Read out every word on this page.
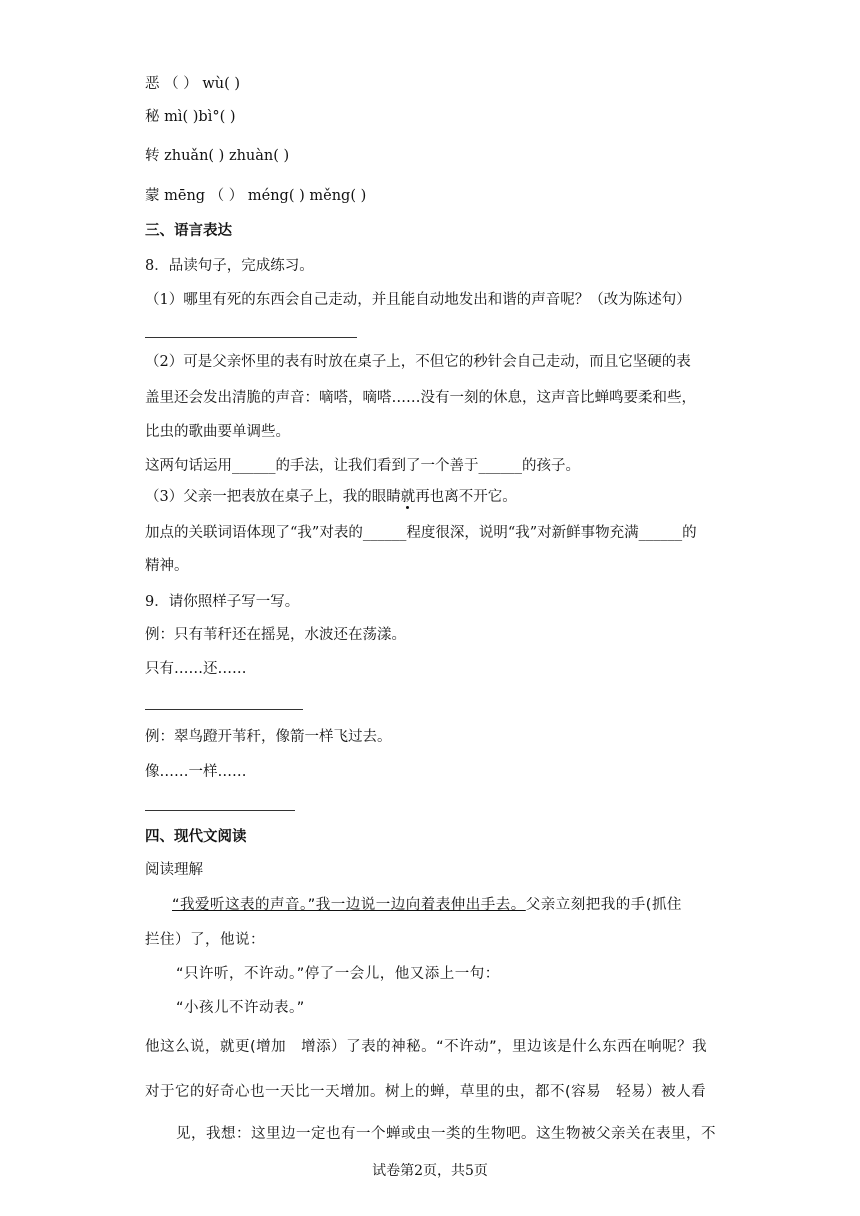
恶 （ ） wù( )
秘 mì( )bì°( )
转 zhuǎn( ) zhuàn( )
蒙 mēng （ ） méng( ) měng( )
三、语言表达
8．品读句子，完成练习。
（1）哪里有死的东西会自己走动，并且能自动地发出和谐的声音呢？（改为陈述句）
（2）可是父亲怀里的表有时放在桌子上，不但它的秒针会自己走动，而且它坚硬的表
盖里还会发出清脆的声音：嘀嗒，嘀嗒……没有一刻的休息，这声音比蝉鸣要柔和些，
比虫的歌曲要单调些。
这两句话运用______的手法，让我们看到了一个善于______的孩子。
（3）父亲一把表放在桌子上，我的眼睛就再也离不开它。
加点的关联词语体现了“我”对表的______程度很深，说明“我”对新鲜事物充满______的
精神。
9．请你照样子写一写。
例：只有苇秆还在摇晃，水波还在荡漾。
只有……还……
例：翠鸟蹬开苇秆，像箭一样飞过去。
像……一样……
四、现代文阅读
阅读理解
“我爱听这表的声音。”我一边说一边向着表伸出手去。父亲立刻把我的手(抓住
拦住）了，他说：
“只许听，不许动。”停了一会儿，他又添上一句：
“小孩儿不许动表。”
他这么说，就更(增加　增添）了表的神秘。“不许动”，里边该是什么东西在响呢？我
对于它的好奇心也一天比一天增加。树上的蝉，草里的虫，都不(容易　轻易）被人看
见，我想：这里边一定也有一个蝉或虫一类的生物吧。这生物被父亲关在表里，不
试卷第2页，共5页
